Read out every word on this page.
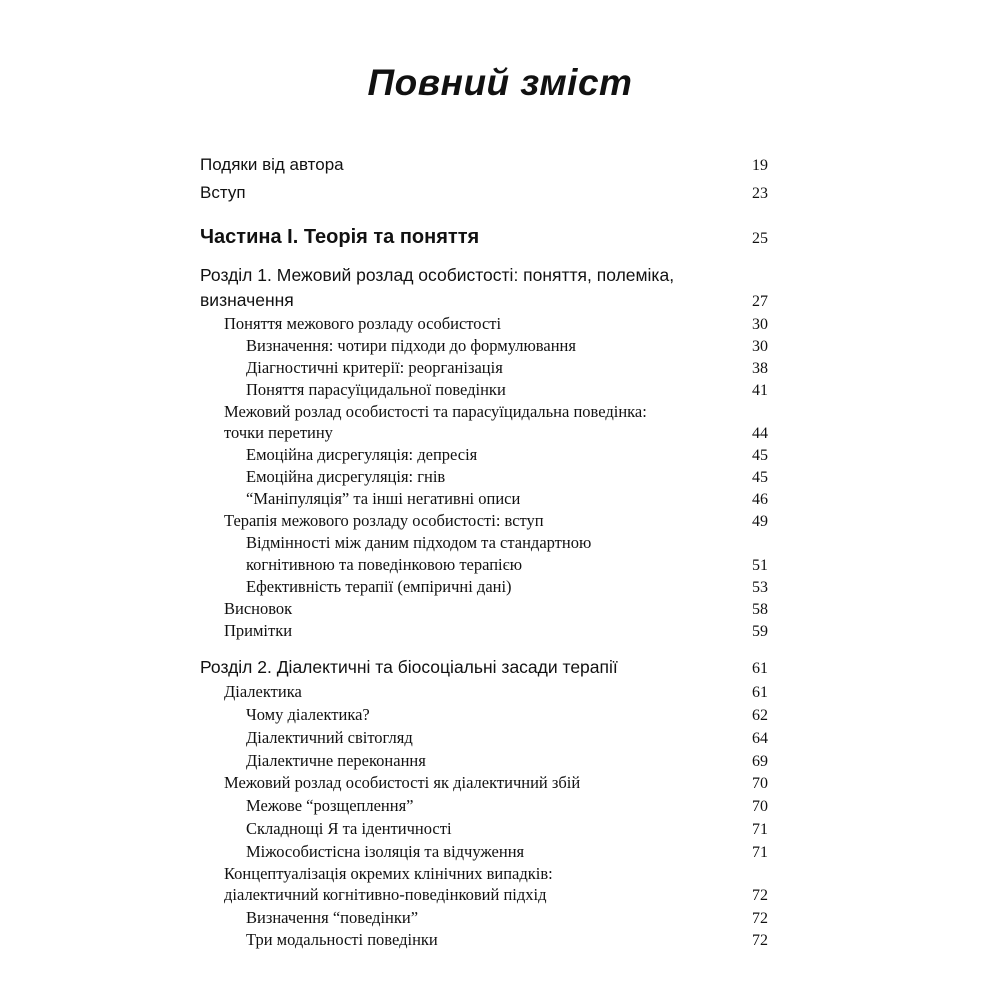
Повний зміст
Подяки від автора	19
Вступ	23
Частина I. Теорія та поняття	25
Розділ 1. Межовий розлад особистості: поняття, полеміка,
визначення	27
Поняття межового розладу особистості	30
Визначення: чотири підходи до формулювання	30
Діагностичні критерії: реорганізація	38
Поняття парасуїцидальної поведінки	41
Межовий розлад особистості та парасуїцидальна поведінка:
точки перетину	44
Емоційна дисрегуляція: депресія	45
Емоційна дисрегуляція: гнів	45
“Маніпуляція” та інші негативні описи	46
Терапія межового розладу особистості: вступ	49
Відмінності між даним підходом та стандартною
когнітивною та поведінковою терапією	51
Ефективність терапії (емпіричні дані)	53
Висновок	58
Примітки	59
Розділ 2. Діалектичні та біосоціальні засади терапії	61
Діалектика	61
Чому діалектика?	62
Діалектичний світогляд	64
Діалектичне переконання	69
Межовий розлад особистості як діалектичний збій	70
Межове “розщеплення”	70
Складнощі Я та ідентичності	71
Міжособистісна ізоляція та відчуження	71
Концептуалізація окремих клінічних випадків:
діалектичний когнітивно-поведінковий підхід	72
Визначення “поведінки”	72
Три модальності поведінки	72
